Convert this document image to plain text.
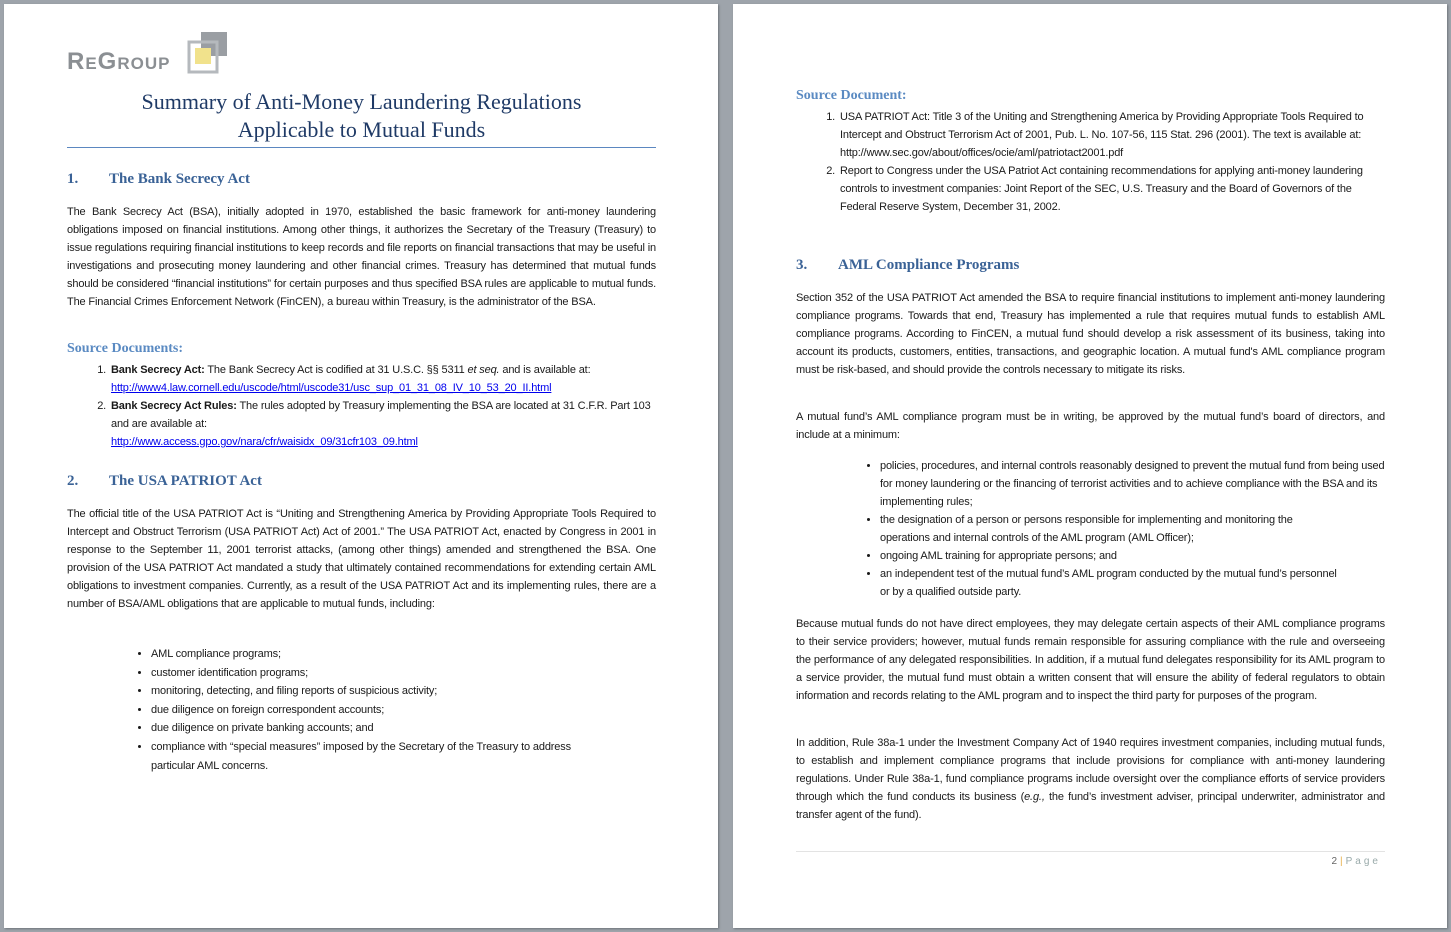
ReGroup
Summary of Anti-Money Laundering Regulations
Applicable to Mutual Funds
1. The Bank Secrecy Act
The Bank Secrecy Act (BSA), initially adopted in 1970, established the basic framework for anti-money laundering obligations imposed on financial institutions. Among other things, it authorizes the Secretary of the Treasury (Treasury) to issue regulations requiring financial institutions to keep records and file reports on financial transactions that may be useful in investigations and prosecuting money laundering and other financial crimes. Treasury has determined that mutual funds should be considered “financial institutions” for certain purposes and thus specified BSA rules are applicable to mutual funds. The Financial Crimes Enforcement Network (FinCEN), a bureau within Treasury, is the administrator of the BSA.
Source Documents:
1. Bank Secrecy Act: The Bank Secrecy Act is codified at 31 U.S.C. §§ 5311 et seq. and is available at:
http://www4.law.cornell.edu/uscode/html/uscode31/usc_sup_01_31_08_IV_10_53_20_II.html
2. Bank Secrecy Act Rules: The rules adopted by Treasury implementing the BSA are located at 31 C.F.R. Part 103 and are available at:
http://www.access.gpo.gov/nara/cfr/waisidx_09/31cfr103_09.html
2. The USA PATRIOT Act
The official title of the USA PATRIOT Act is “Uniting and Strengthening America by Providing Appropriate Tools Required to Intercept and Obstruct Terrorism (USA PATRIOT Act) Act of 2001.” The USA PATRIOT Act, enacted by Congress in 2001 in response to the September 11, 2001 terrorist attacks, (among other things) amended and strengthened the BSA. One provision of the USA PATRIOT Act mandated a study that ultimately contained recommendations for extending certain AML obligations to investment companies. Currently, as a result of the USA PATRIOT Act and its implementing rules, there are a number of BSA/AML obligations that are applicable to mutual funds, including:
• AML compliance programs;
• customer identification programs;
• monitoring, detecting, and filing reports of suspicious activity;
• due diligence on foreign correspondent accounts;
• due diligence on private banking accounts; and
• compliance with “special measures” imposed by the Secretary of the Treasury to address particular AML concerns.
Source Document:
1. USA PATRIOT Act: Title 3 of the Uniting and Strengthening America by Providing Appropriate Tools Required to Intercept and Obstruct Terrorism Act of 2001, Pub. L. No. 107-56, 115 Stat. 296 (2001). The text is available at:
http://www.sec.gov/about/offices/ocie/aml/patriotact2001.pdf
2. Report to Congress under the USA Patriot Act containing recommendations for applying anti-money laundering controls to investment companies: Joint Report of the SEC, U.S. Treasury and the Board of Governors of the Federal Reserve System, December 31, 2002.
3. AML Compliance Programs
Section 352 of the USA PATRIOT Act amended the BSA to require financial institutions to implement anti-money laundering compliance programs. Towards that end, Treasury has implemented a rule that requires mutual funds to establish AML compliance programs. According to FinCEN, a mutual fund should develop a risk assessment of its business, taking into account its products, customers, entities, transactions, and geographic location. A mutual fund's AML compliance program must be risk-based, and should provide the controls necessary to mitigate its risks.
A mutual fund’s AML compliance program must be in writing, be approved by the mutual fund’s board of directors, and include at a minimum:
• policies, procedures, and internal controls reasonably designed to prevent the mutual fund from being used for money laundering or the financing of terrorist activities and to achieve compliance with the BSA and its implementing rules;
• the designation of a person or persons responsible for implementing and monitoring the operations and internal controls of the AML program (AML Officer);
• ongoing AML training for appropriate persons; and
• an independent test of the mutual fund’s AML program conducted by the mutual fund’s personnel or by a qualified outside party.
Because mutual funds do not have direct employees, they may delegate certain aspects of their AML compliance programs to their service providers; however, mutual funds remain responsible for assuring compliance with the rule and overseeing the performance of any delegated responsibilities. In addition, if a mutual fund delegates responsibility for its AML program to a service provider, the mutual fund must obtain a written consent that will ensure the ability of federal regulators to obtain information and records relating to the AML program and to inspect the third party for purposes of the program.
In addition, Rule 38a-1 under the Investment Company Act of 1940 requires investment companies, including mutual funds, to establish and implement compliance programs that include provisions for compliance with anti-money laundering regulations. Under Rule 38a-1, fund compliance programs include oversight over the compliance efforts of service providers through which the fund conducts its business (e.g., the fund’s investment adviser, principal underwriter, administrator and transfer agent of the fund).
2 | Page
